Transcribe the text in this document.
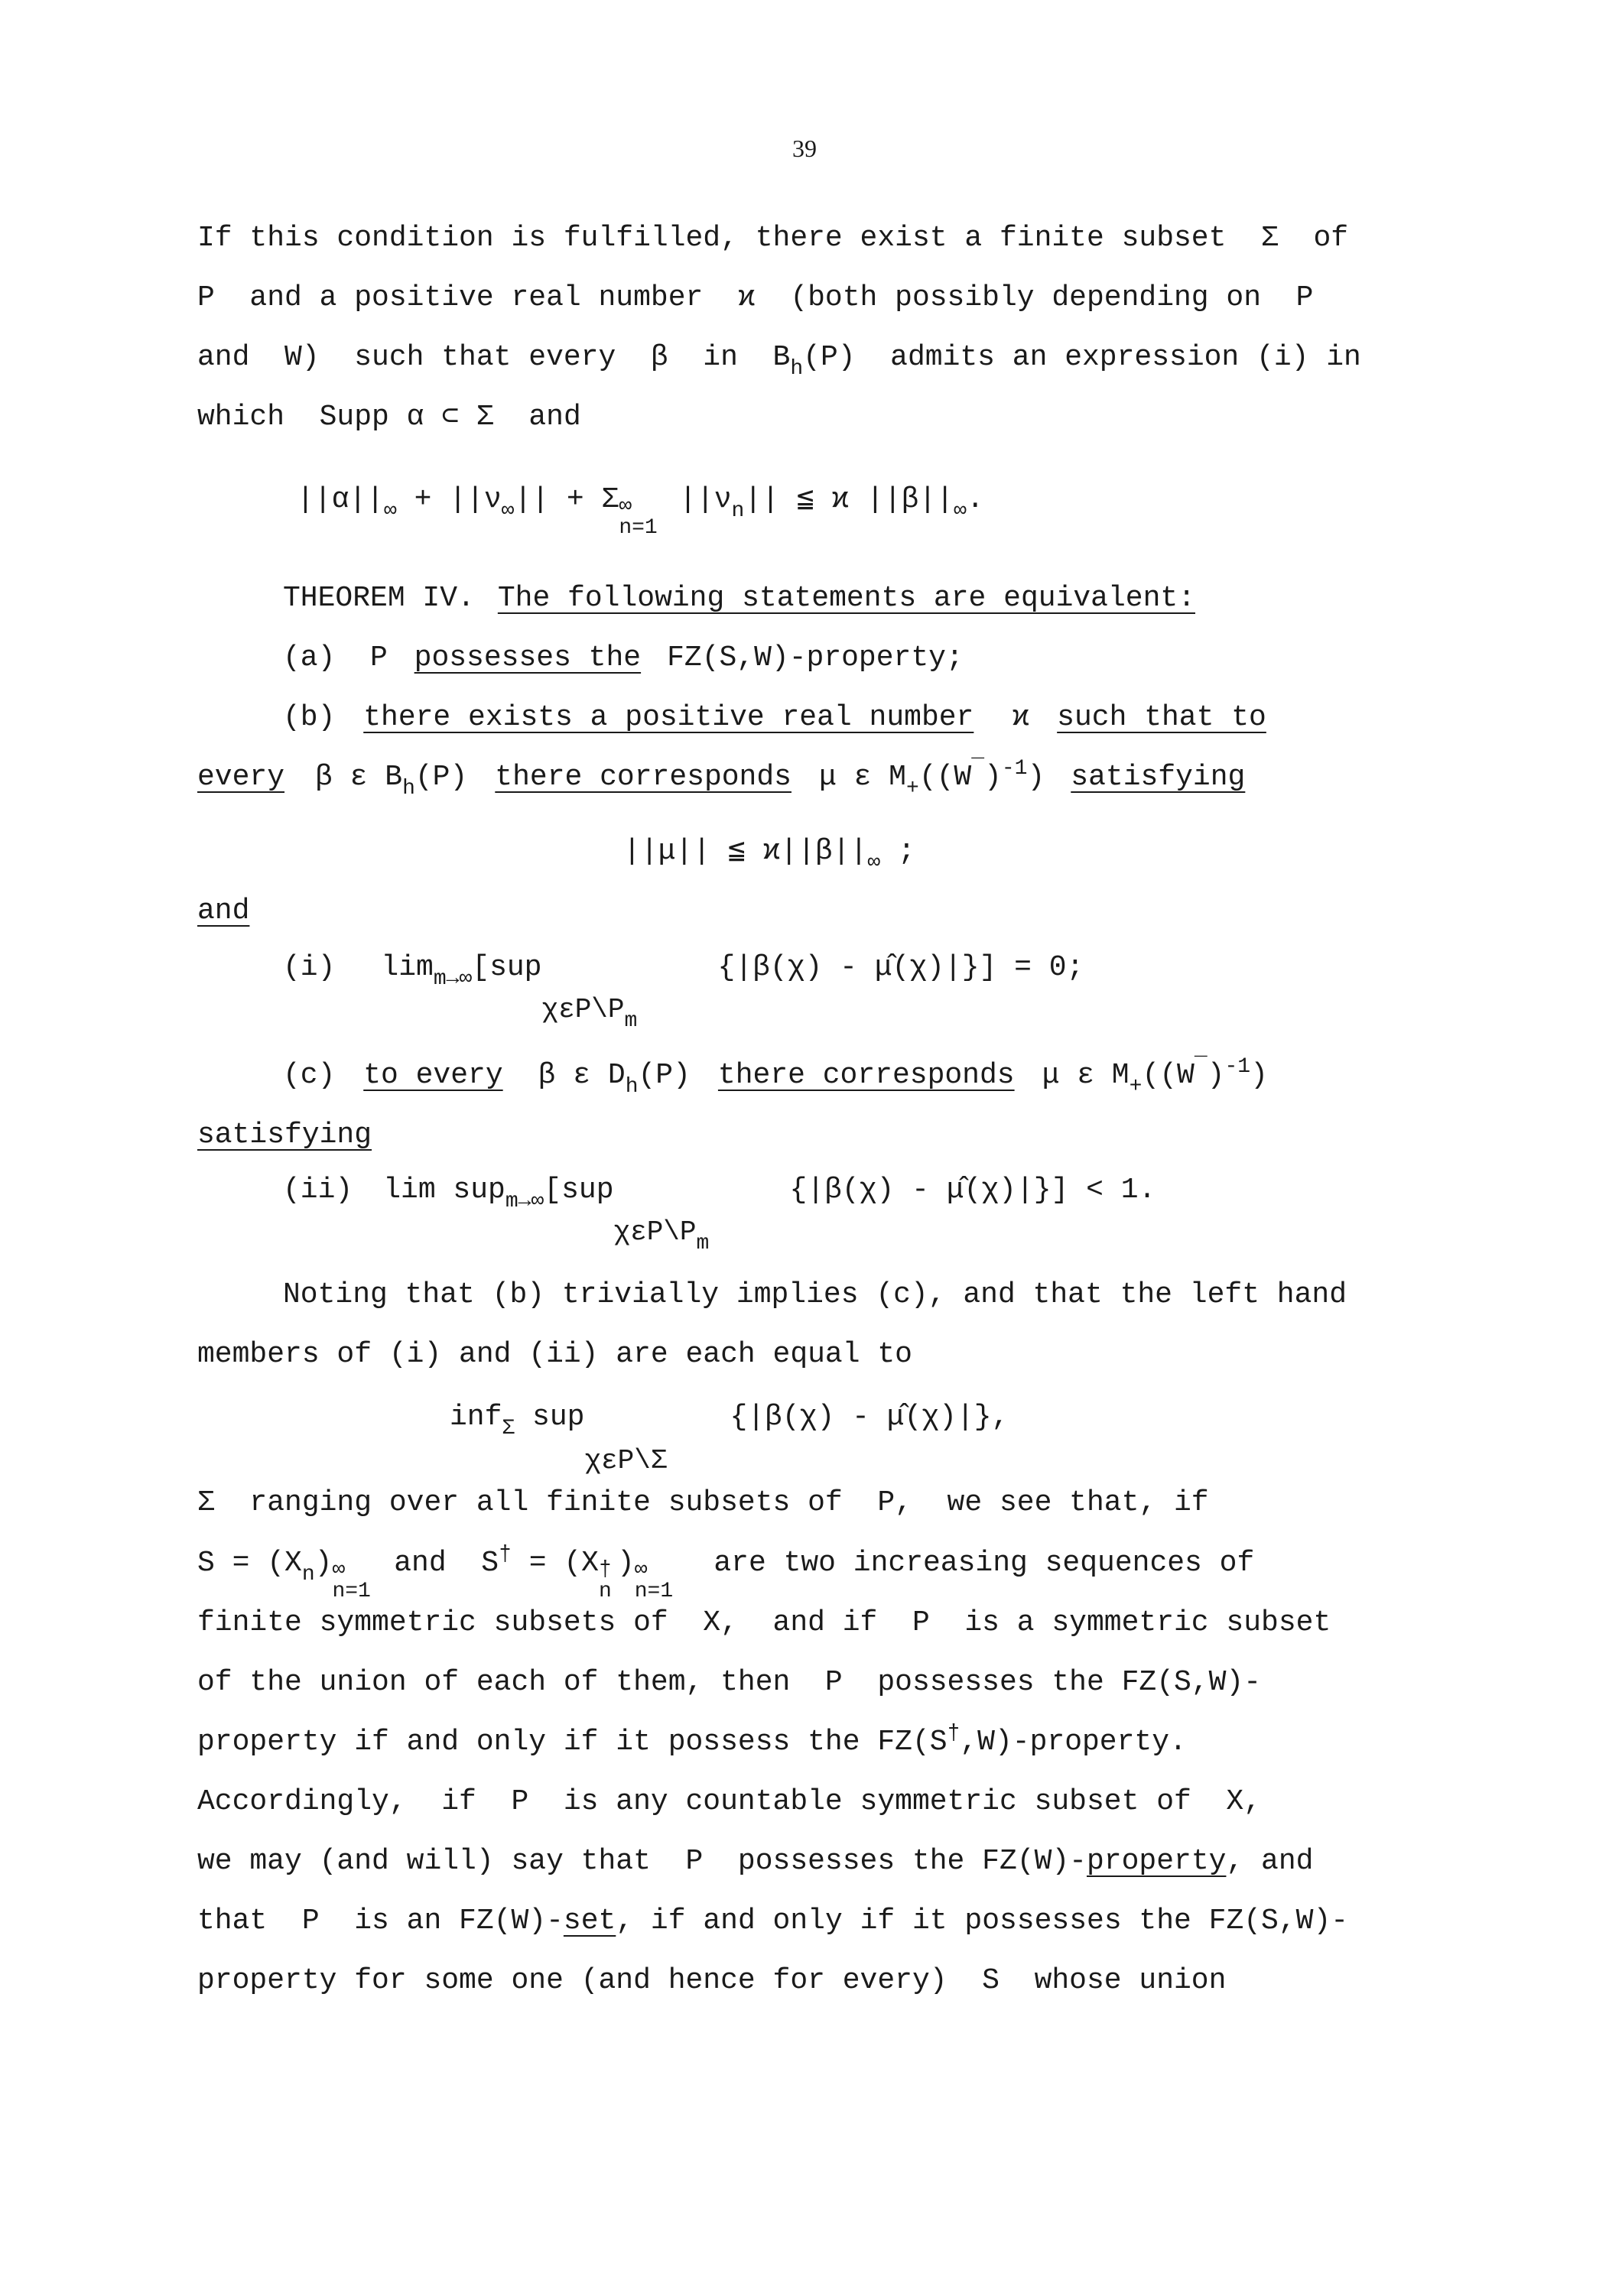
39
If this condition is fulfilled, there exist a finite subset  Σ  of
P  and a positive real number  ϰ  (both possibly depending on  P
and  W)  such that every  β  in  $B_h(P)$  admits an expression (i) in
which  Supp α ⊂ Σ  and
$||\alpha||_\infty + ||\nu_\infty|| + \Sigma$ ∞
n=1
$||\nu_n||$ ≦ ϰ $||\beta||_\infty$.
THEOREM IV. The following statements are equivalent:
(a)  P possesses the FZ(S,W)-property;
(b) there exists a positive real number ϰ such that to
every β ε $B_h(P)$ there corresponds μ ε $M_+((W^‾)^{-1})$ satisfying
||μ|| ≦ $ϰ||\beta||_\infty$ ;
and
(i) $\lim_{m\to\infty}[sup$
$\chi\varepsilon P\backslash P_m$
{|β(χ) - μ̂(χ)|}] = 0;
(c) to every β ε $D_h(P)$ there corresponds μ ε $M_+((W^‾)^{-1})$
satisfying
(ii) lim sup$_{m\to\infty}$[sup
$\chi\varepsilon P\backslash P_m$
{|β(χ) - μ̂(χ)|}] < 1.
Noting that (b) trivially implies (c), and that the left hand
members of (i) and (ii) are each equal to
inf$_\Sigma$ sup
χεP\Σ
{|β(χ) - μ̂(χ)|},
Σ  ranging over all finite subsets of  P,  we see that, if
$S = (X_n)$ ∞
n=1
and  S† = (X †
n
) ∞
n=1
are two increasing sequences of
finite symmetric subsets of  X,  and if  P  is a symmetric subset
of the union of each of them, then  P  possesses the FZ(S,W)-
property if and only if it possess the FZ(S†,W)-property.
Accordingly,  if  P  is any countable symmetric subset of  X,
we may (and will) say that  P  possesses the FZ(W)-property, and
that  P  is an FZ(W)-set, if and only if it possesses the FZ(S,W)-
property for some one (and hence for every)  S  whose union
